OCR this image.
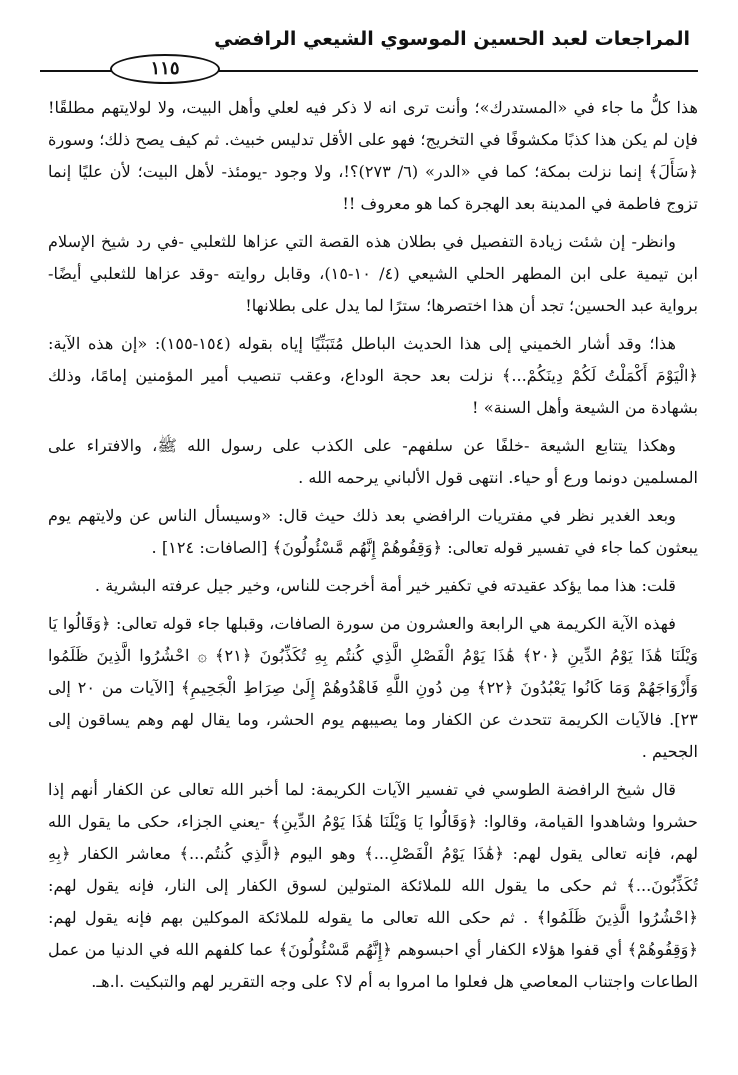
المراجعات لعبد الحسين الموسوي الشيعي الرافضي
١١٥

هذا كلُّ ما جاء في «المستدرك»؛ وأنت ترى انه لا ذكر فيه لعلي وأهل البيت، ولا لولايتهم مطلقًا! فإن لم يكن هذا كذبًا مكشوفًا في التخريج؛ فهو على الأقل تدليس خبيث. ثم كيف يصح ذلك؛ وسورة ﴿سَأَلَ﴾ إنما نزلت بمكة؛ كما في «الدر» (٦/ ٢٧٣)؟!، ولا وجود -يومئذ- لأهل البيت؛ لأن عليًا إنما تزوج فاطمة في المدينة بعد الهجرة كما هو معروف !!

وانظر- إن شئت زيادة التفصيل في بطلان هذه القصة التي عزاها للثعلبي -في رد شيخ الإسلام ابن تيمية على ابن المطهر الحلي الشيعي (٤/ ١٠-١٥)، وقابل روايته -وقد عزاها للثعلبي أيضًا- برواية عبد الحسين؛ تجد أن هذا اختصرها؛ سترًا لما يدل على بطلانها!

هذا؛ وقد أشار الخميني إلى هذا الحديث الباطل مُتَبَنِّيًا إياه بقوله (١٥٤-١٥٥): «إن هذه الآية: ﴿الْيَوْمَ أَكْمَلْتُ لَكُمْ دِينَكُمْ...﴾ نزلت بعد حجة الوداع، وعقب تنصيب أمير المؤمنين إمامًا، وذلك بشهادة من الشيعة وأهل السنة» !

وهكذا يتتابع الشيعة -خلفًا عن سلفهم- على الكذب على رسول الله ﷺ، والافتراء على المسلمين دونما ورع أو حياء. انتهى قول الألباني يرحمه الله .

وبعد الغدير نظر في مفتريات الرافضي بعد ذلك حيث قال: «وسيسأل الناس عن ولايتهم يوم يبعثون كما جاء في تفسير قوله تعالى: ﴿وَقِفُوهُمْ إِنَّهُم مَّسْئُولُونَ﴾ [الصافات: ١٢٤] .

قلت: هذا مما يؤكد عقيدته في تكفير خير أمة أخرجت للناس، وخير جيل عرفته البشرية .

فهذه الآية الكريمة هي الرابعة والعشرون من سورة الصافات، وقبلها جاء قوله تعالى: ﴿وَقَالُوا يَا وَيْلَنَا هَٰذَا يَوْمُ الدِّينِ ﴿٢٠﴾ هَٰذَا يَوْمُ الْفَصْلِ الَّذِي كُنتُم بِهِ تُكَذِّبُونَ ﴿٢١﴾ ۞ احْشُرُوا الَّذِينَ ظَلَمُوا وَأَزْوَاجَهُمْ وَمَا كَانُوا يَعْبُدُونَ ﴿٢٢﴾ مِن دُونِ اللَّهِ فَاهْدُوهُمْ إِلَىٰ صِرَاطِ الْجَحِيمِ﴾ [الآيات من ٢٠ إلى ٢٣]. فالآيات الكريمة تتحدث عن الكفار وما يصيبهم يوم الحشر، وما يقال لهم وهم يساقون إلى الجحيم .

قال شيخ الرافضة الطوسي في تفسير الآيات الكريمة: لما أخبر الله تعالى عن الكفار أنهم إذا حشروا وشاهدوا القيامة، وقالوا: ﴿وَقَالُوا يَا وَيْلَنَا هَٰذَا يَوْمُ الدِّينِ﴾ -يعني الجزاء، حكى ما يقول الله لهم، فإنه تعالى يقول لهم: ﴿هَٰذَا يَوْمُ الْفَصْلِ...﴾ وهو اليوم ﴿الَّذِي كُنتُم...﴾ معاشر الكفار ﴿بِهِ تُكَذِّبُونَ...﴾ ثم حكى ما يقول الله للملائكة المتولين لسوق الكفار إلى النار، فإنه يقول لهم: ﴿احْشُرُوا الَّذِينَ ظَلَمُوا﴾ . ثم حكى الله تعالى ما يقوله للملائكة الموكلين بهم فإنه يقول لهم: ﴿وَقِفُوهُمْ﴾ أي قفوا هؤلاء الكفار أي احبسوهم ﴿إِنَّهُم مَّسْئُولُونَ﴾ عما كلفهم الله في الدنيا من عمل الطاعات واجتناب المعاصي هل فعلوا ما امروا به أم لا؟ على وجه التقرير لهم والتبكيت .ا.هـ.
